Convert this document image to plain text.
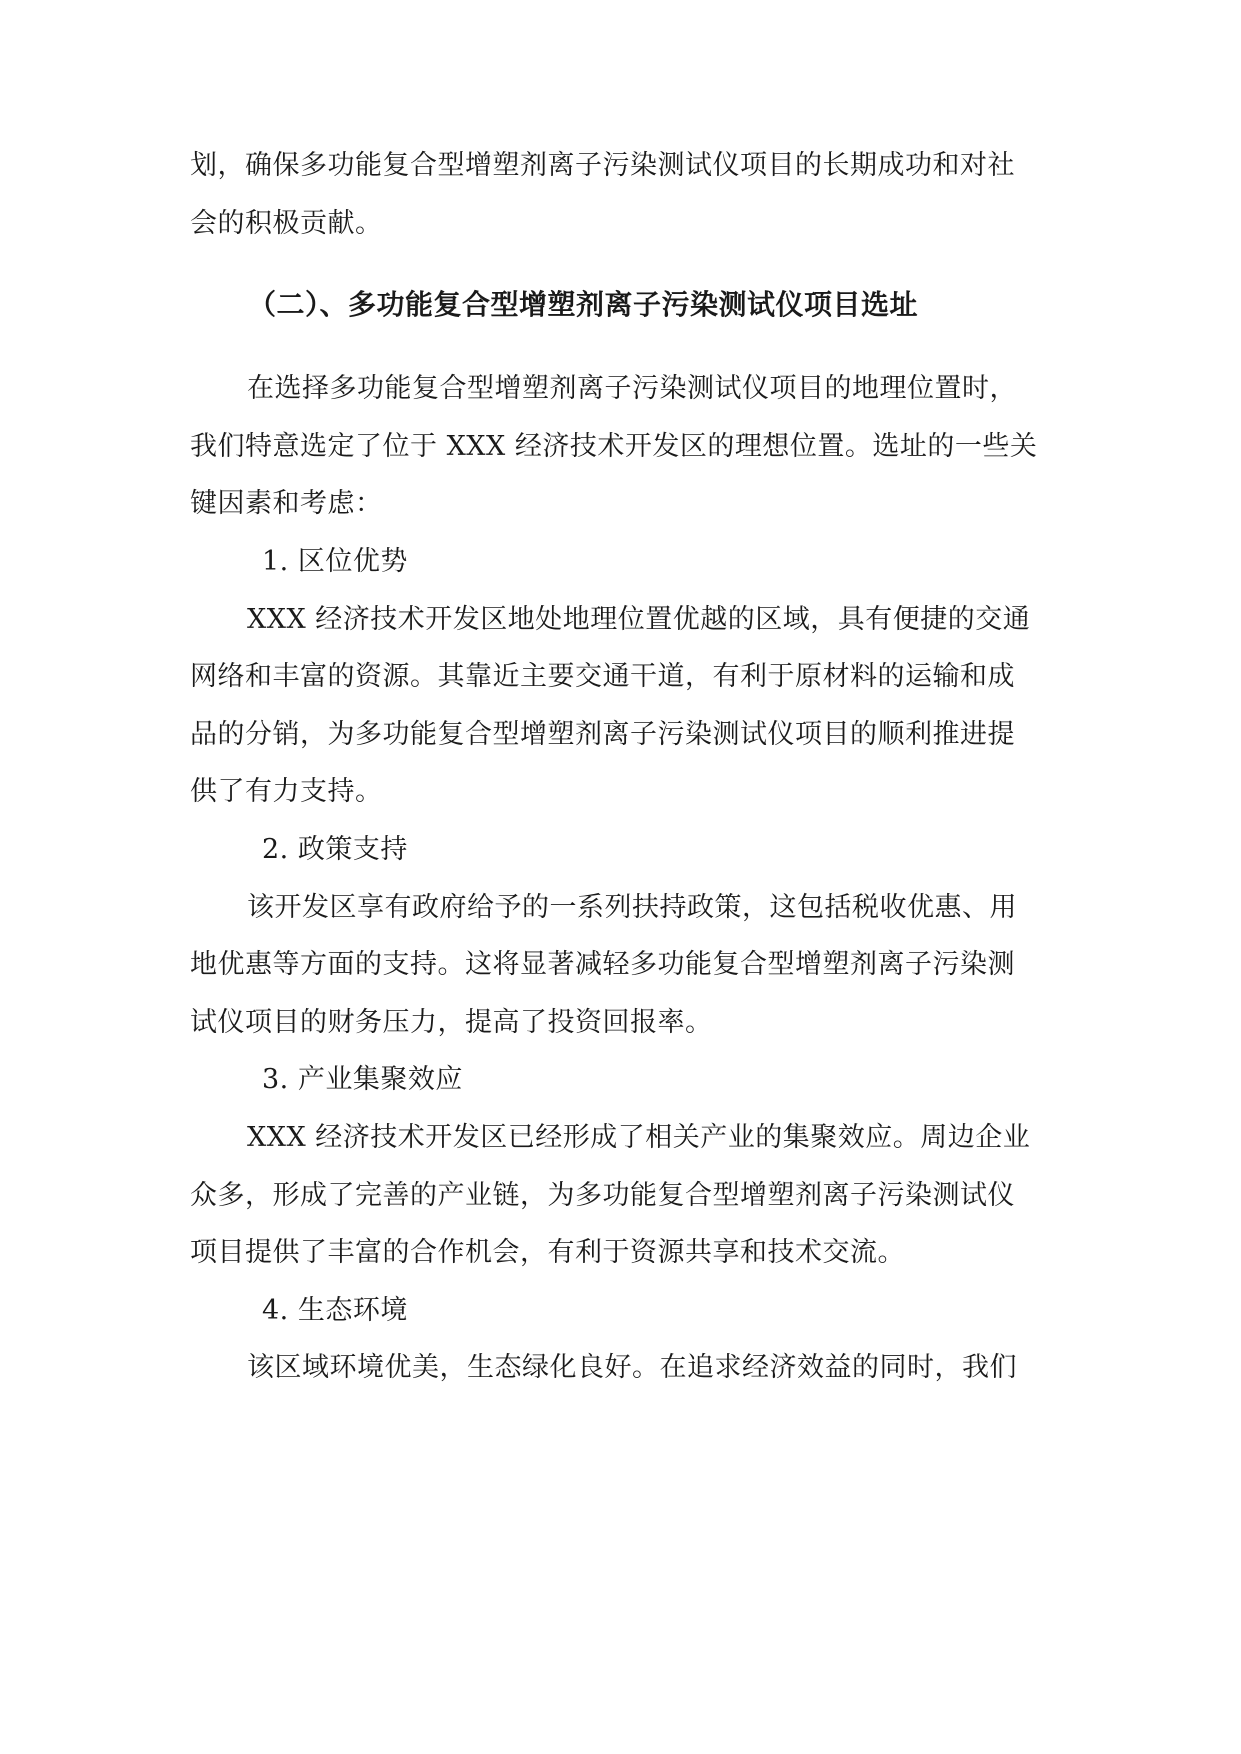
划，确保多功能复合型增塑剂离子污染测试仪项目的长期成功和对社
会的积极贡献。
（二）、多功能复合型增塑剂离子污染测试仪项目选址
在选择多功能复合型增塑剂离子污染测试仪项目的地理位置时，
我们特意选定了位于 XXX 经济技术开发区的理想位置。选址的一些关
键因素和考虑：
1. 区位优势
XXX 经济技术开发区地处地理位置优越的区域，具有便捷的交通
网络和丰富的资源。其靠近主要交通干道，有利于原材料的运输和成
品的分销，为多功能复合型增塑剂离子污染测试仪项目的顺利推进提
供了有力支持。
2. 政策支持
该开发区享有政府给予的一系列扶持政策，这包括税收优惠、用
地优惠等方面的支持。这将显著减轻多功能复合型增塑剂离子污染测
试仪项目的财务压力，提高了投资回报率。
3. 产业集聚效应
XXX 经济技术开发区已经形成了相关产业的集聚效应。周边企业
众多，形成了完善的产业链，为多功能复合型增塑剂离子污染测试仪
项目提供了丰富的合作机会，有利于资源共享和技术交流。
4. 生态环境
该区域环境优美，生态绿化良好。在追求经济效益的同时，我们
